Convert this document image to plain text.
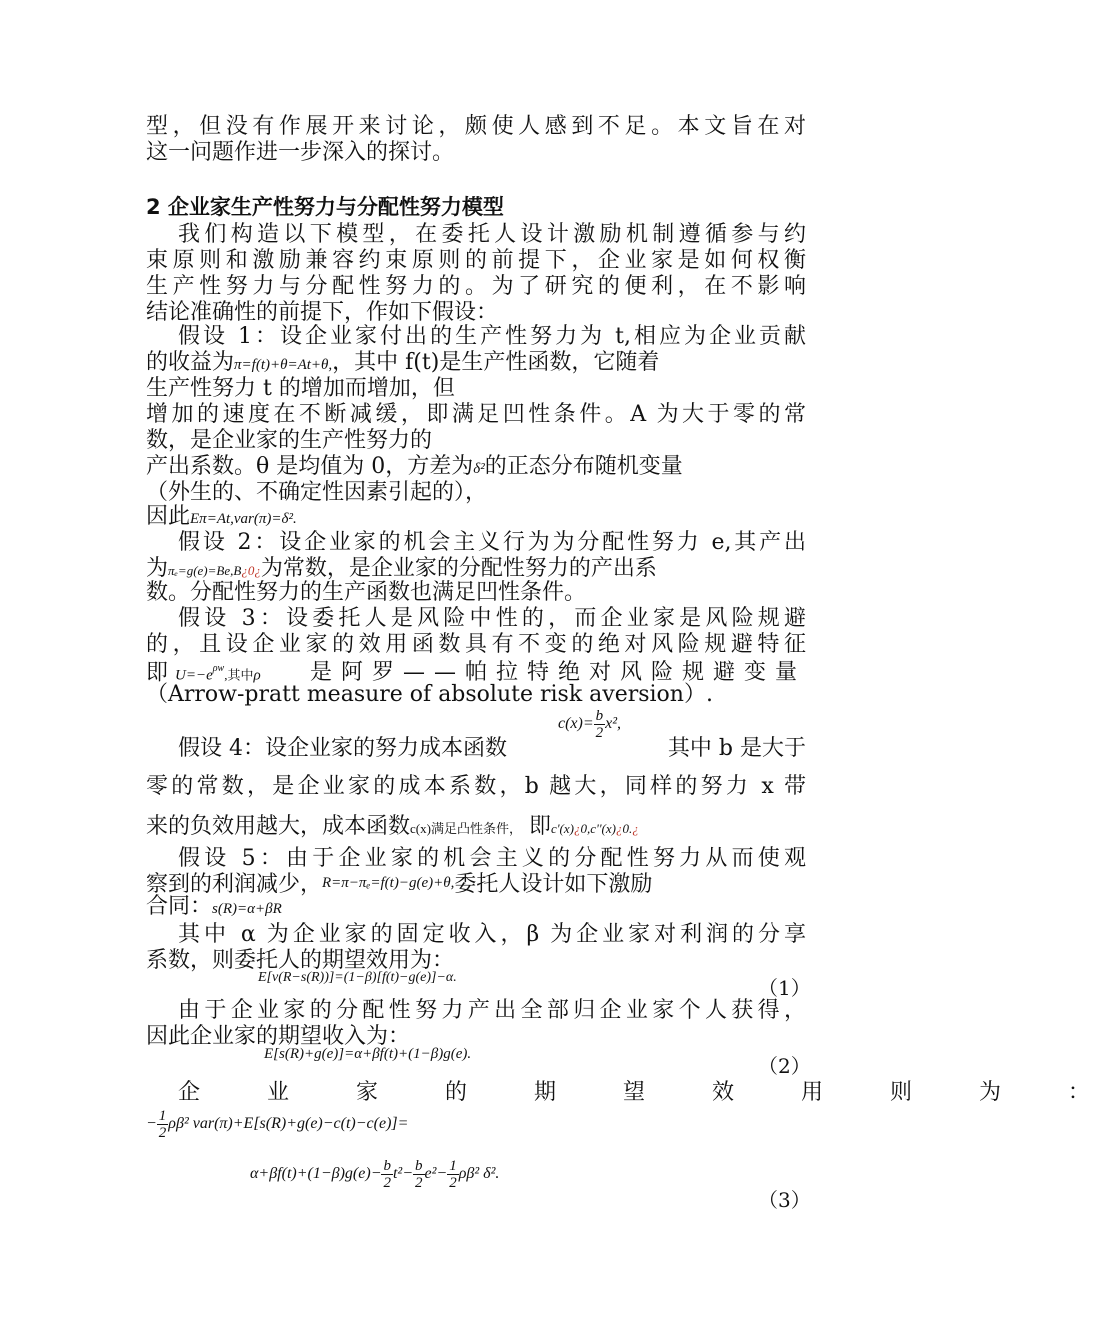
型，但没有作展开来讨论，颇使人感到不足。本文旨在对

这一问题作进一步深入的探讨。

2 企业家生产性努力与分配性努力模型

我们构造以下模型，在委托人设计激励机制遵循参与约

束原则和激励兼容约束原则的前提下，企业家是如何权衡

生产性努力与分配性努力的。为了研究的便利，在不影响

结论准确性的前提下，作如下假设：

假设 1：设企业家付出的生产性努力为 t,相应为企业贡献

的收益为π=f(t)+θ=At+θ,，其中 f(t)是生产性函数，它随着

生产性努力 t 的增加而增加，但

增加的速度在不断减缓，即满足凹性条件。A 为大于零的常

数，是企业家的生产性努力的

产出系数。θ 是均值为 0，方差为δ²的正态分布随机变量

（外生的、不确定性因素引起的），

因此Eπ=At,var(π)=δ².

假设 2：设企业家的机会主义行为为分配性努力 e,其产出

为πₑ=g(e)=Be,B¿0¿为常数，是企业家的分配性努力的产出系

数。分配性努力的生产函数也满足凹性条件。

假设 3：设委托人是风险中性的，而企业家是风险规避

的，且设企业家的效用函数具有不变的绝对风险规避特征

即 $U=-e^{\rho w}$,其中ρ 是阿罗——帕拉特绝对风险规避变量

（Arrow-pratt measure of absolute risk aversion）.

$c(x)= \frac{b}{2} x^2$,

假设 4：设企业家的努力成本函数	其中 b 是大于

零的常数，是企业家的成本系数，b 越大，同样的努力 x 带

来的负效用越大，成本函数c(x)满足凸性条件， 即c'(x)¿0,c''(x)¿0.¿

假设 5：由于企业家的机会主义的分配性努力从而使观

察到的利润减少，R=π−πₑ=f(t)−g(e)+θ,委托人设计如下激励

合同：s(R)=α+βR

其中 α 为企业家的固定收入，β 为企业家对利润的分享

系数，则委托人的期望效用为：

E[v(R−s(R))]=(1−β)[f(t)−g(e)]−α.	（1）

由于企业家的分配性努力产出全部归企业家个人获得，

因此企业家的期望收入为：

E[s(R)+g(e)]=α+βf(t)+(1−β)g(e).	（2）

企 业 家 的 期 望 效 用 则 为 ：

− $\frac{1}{2} \rho\beta^2$ var(π)+E[s(R)+g(e)−c(t)−c(e)]=
$\alpha+\beta f(t)+(1-\beta)g(e)- \frac{b}{2} t^2- \frac{b}{2} e^2- \frac{1}{2} \rho\beta^2$ δ².
（3）
